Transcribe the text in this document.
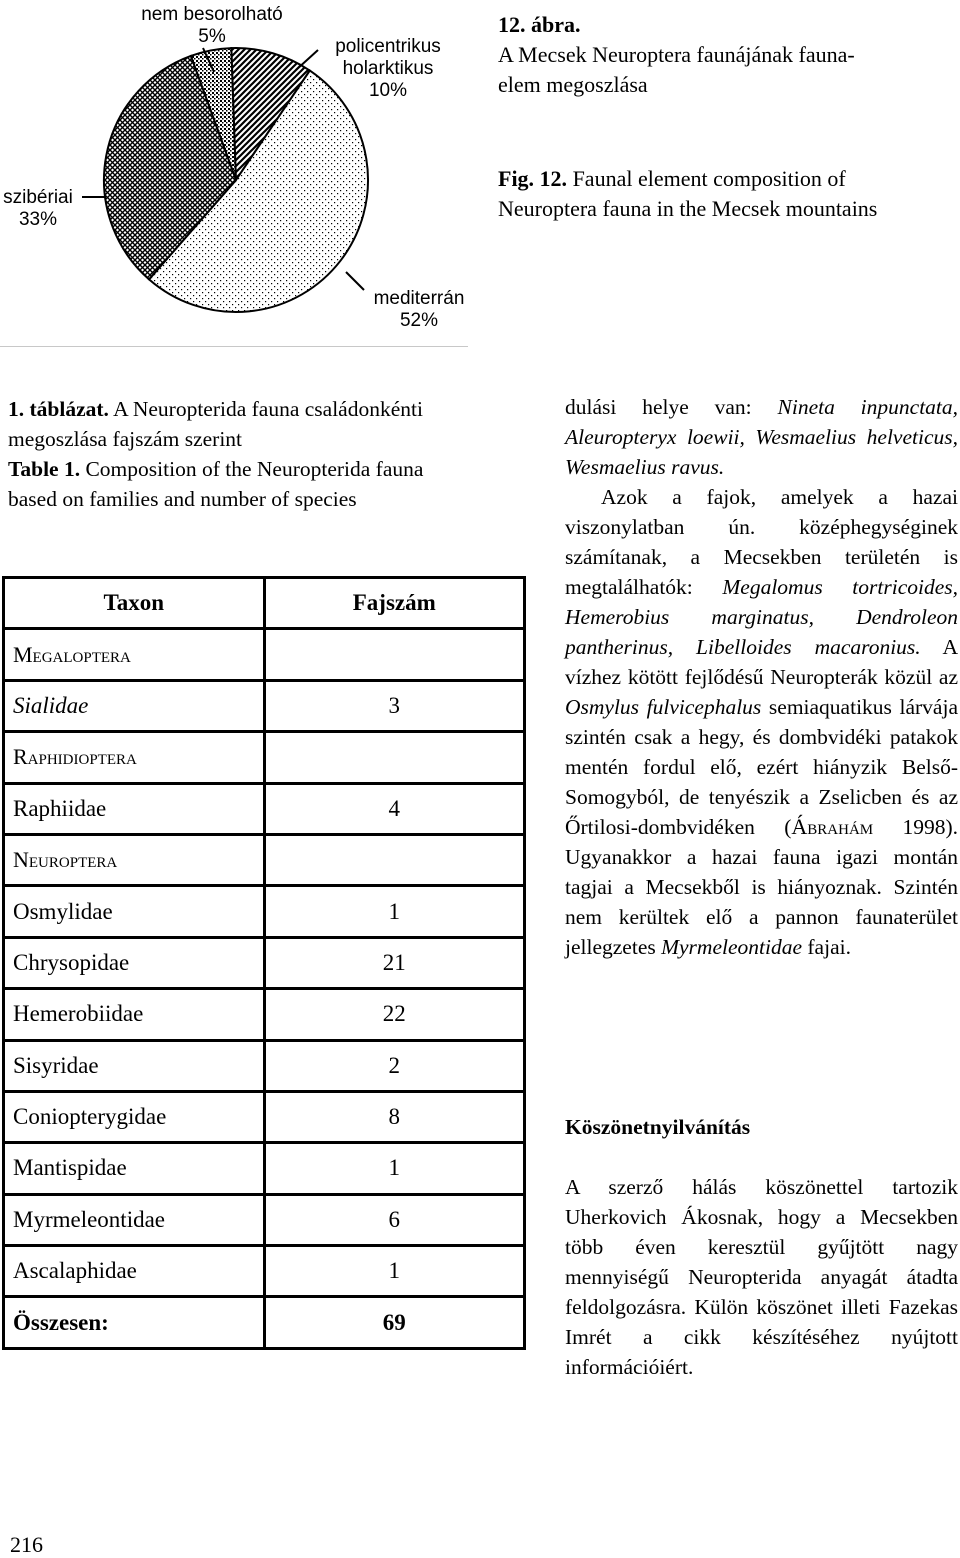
nem besorolható
5%	policentrikus holarktikus
10%
szibériai
33%
mediterrán
52%
12. ábra.
A Mecsek Neuroptera faunájának fauna-
elem megoszlása
Fig. 12. Faunal element composition of
Neuroptera fauna in the Mecsek mountains
1. táblázat. A Neuropterida fauna családonkénti
megoszlása fajszám szerint
Table 1. Composition of the Neuropterida fauna
based on families and number of species
Taxon	Fajszám
Megaloptera	
Sialidae	3
Raphidioptera	
Raphiidae	4
Neuroptera	
Osmylidae	1
Chrysopidae	21
Hemerobiidae	22
Sisyridae	2
Coniopterygidae	8
Mantispidae	1
Myrmeleontidae	6
Ascalaphidae	1
Összesen:	69

dulási helye van: Nineta inpunctata, Aleuropteryx loewii, Wesmaelius helveticus, Wesmaelius ravus.

Azok a fajok, amelyek a hazai viszonylatban ún. középhegységinek számítanak, a Mecsekben területén is megtalálhatók: Megalomus tortricoides, Hemerobius marginatus, Dendroleon pantherinus, Libelloides macaronius. A vízhez kötött fejlődésű Neuropterák közül az Osmylus fulvicephalus semiaquatikus lárvája szintén csak a hegy, és dombvidéki patakok mentén fordul elő, ezért hiányzik Belső-Somogyból, de tenyészik a Zselicben és az Őrtilosi-dombvidéken (Ábrahám 1998). Ugyanakkor a hazai fauna igazi montán tagjai a Mecsekből is hiányoznak. Szintén nem kerültek elő a pannon faunaterület jellegzetes Myrmeleontidae fajai.

Köszönetnyilvánítás

A szerző hálás köszönettel tartozik Uherkovich Ákosnak, hogy a Mecsekben több éven keresztül gyűjtött nagy mennyiségű Neuropterida anyagát átadta feldolgozásra. Külön köszönet illeti Fazekas Imrét a cikk készítéséhez nyújtott információiért.

216
